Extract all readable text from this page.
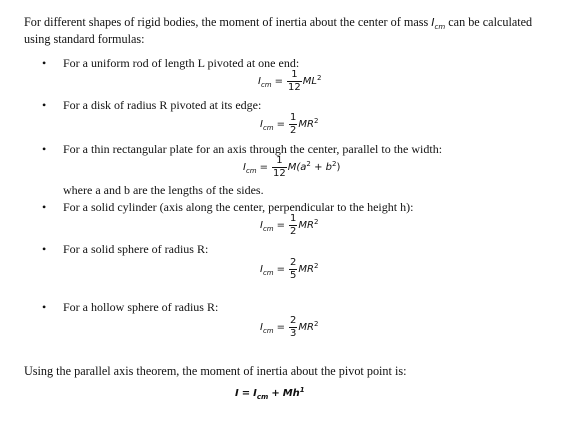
For different shapes of rigid bodies, the moment of inertia about the center of mass $I_{cm}$ can be calculated using standard formulas:

• For a uniform rod of length L pivoted at one end:
I cm = $\frac{1}{12}$ ML 2
• For a disk of radius R pivoted at its edge:
I cm = $\frac{1}{2}$ MR 2
• For a thin rectangular plate for an axis through the center, parallel to the width:
I cm = $\frac{1}{12} M(a$ 2 + b 2 )
where a and b are the lengths of the sides.
• For a solid cylinder (axis along the center, perpendicular to the height h):
I cm = $\frac{1}{2}$ MR 2
• For a solid sphere of radius R:
I cm = $\frac{2}{5}$ MR 2
• For a hollow sphere of radius R:
I cm = $\frac{2}{3}$ MR 2

Using the parallel axis theorem, the moment of inertia about the pivot point is:

I = I cm + Mh 1
